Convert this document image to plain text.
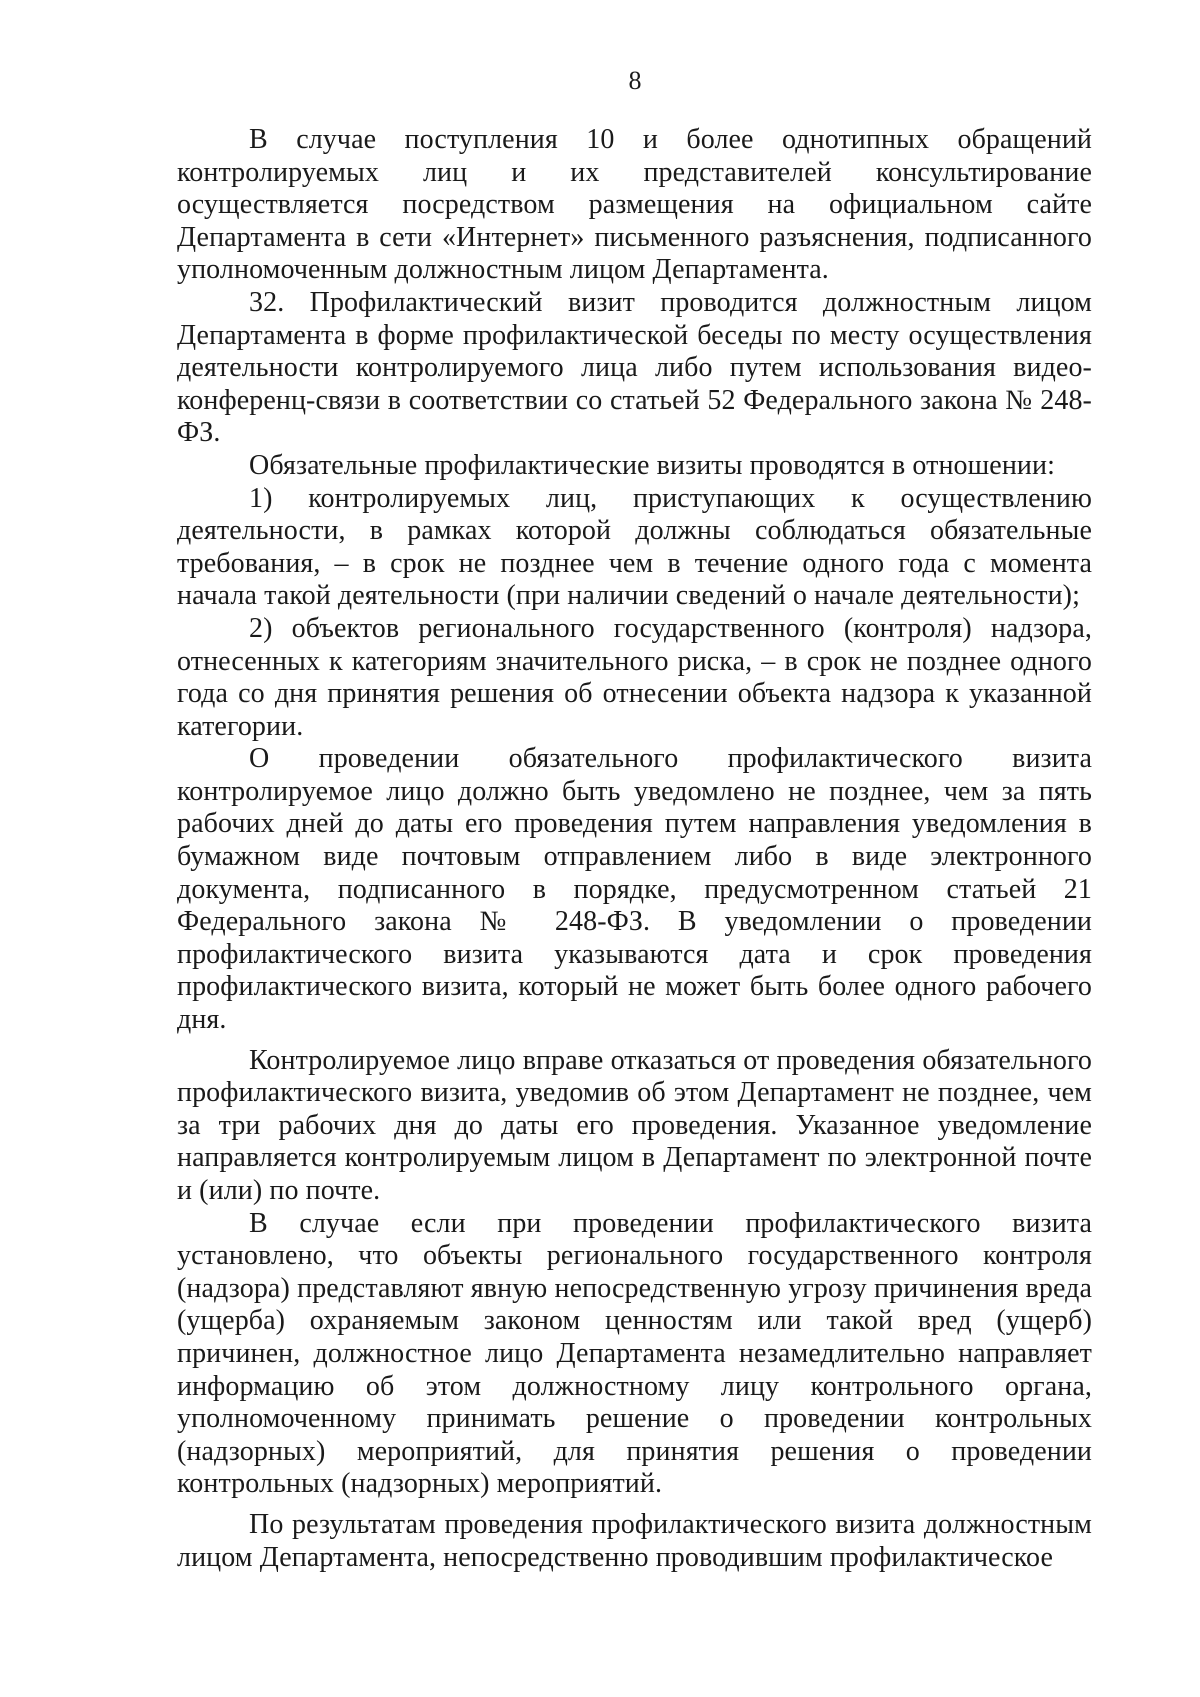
8

В случае поступления 10 и более однотипных обращений контролируемых лиц и их представителей консультирование осуществляется посредством размещения на официальном сайте Департамента в сети «Интернет» письменного разъяснения, подписанного уполномоченным должностным лицом Департамента.

32. Профилактический визит проводится должностным лицом Департамента в форме профилактической беседы по месту осуществления деятельности контролируемого лица либо путем использования видео-конференц-связи в соответствии со статьей 52 Федерального закона № 248-ФЗ.

Обязательные профилактические визиты проводятся в отношении:

1) контролируемых лиц, приступающих к осуществлению деятельности, в рамках которой должны соблюдаться обязательные требования, – в срок не позднее чем в течение одного года с момента начала такой деятельности (при наличии сведений о начале деятельности);

2) объектов регионального государственного (контроля) надзора, отнесенных к категориям значительного риска, – в срок не позднее одного года со дня принятия решения об отнесении объекта надзора к указанной категории.

О проведении обязательного профилактического визита контролируемое лицо должно быть уведомлено не позднее, чем за пять рабочих дней до даты его проведения путем направления уведомления в бумажном виде почтовым отправлением либо в виде электронного документа, подписанного в порядке, предусмотренном статьей 21 Федерального закона № 248-ФЗ. В уведомлении о проведении профилактического визита указываются дата и срок проведения профилактического визита, который не может быть более одного рабочего дня.

Контролируемое лицо вправе отказаться от проведения обязательного профилактического визита, уведомив об этом Департамент не позднее, чем за три рабочих дня до даты его проведения. Указанное уведомление направляется контролируемым лицом в Департамент по электронной почте и (или) по почте.

В случае если при проведении профилактического визита установлено, что объекты регионального государственного контроля (надзора) представляют явную непосредственную угрозу причинения вреда (ущерба) охраняемым законом ценностям или такой вред (ущерб) причинен, должностное лицо Департамента незамедлительно направляет информацию об этом должностному лицу контрольного органа, уполномоченному принимать решение о проведении контрольных (надзорных) мероприятий, для принятия решения о проведении контрольных (надзорных) мероприятий.

По результатам проведения профилактического визита должностным лицом Департамента, непосредственно проводившим профилактическое
